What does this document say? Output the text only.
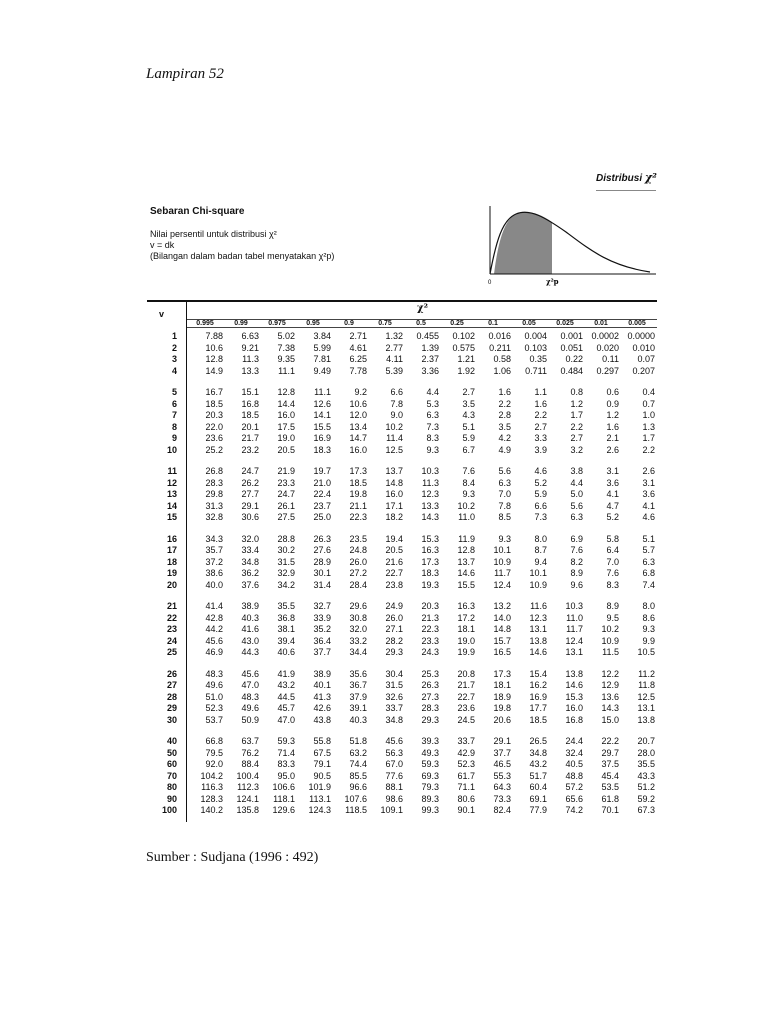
Lampiran 52
Distribusi χ²
Sebaran Chi-square
Nilai persentil untuk distribusi χ²
v = dk
(Bilangan dalam badan tabel menyatakan χ²p)
0	χ²p
v	χ²
0.995	0.99	0.975	0.95	0.9	0.75	0.5	0.25	0.1	0.05	0.025	0.01	0.005
1	7.88	6.63	5.02	3.84	2.71	1.32	0.455	0.102	0.016	0.004	0.001 0.0002 0.0000
2	10.6	9.21	7.38	5.99	4.61	2.77	1.39	0.575	0.211	0.103	0.051	0.020	0.010
3	12.8	11.3	9.35	7.81	6.25	4.11	2.37	1.21	0.58	0.35	0.22	0.11	0.07
4	14.9	13.3	11.1	9.49	7.78	5.39	3.36	1.92	1.06	0.711	0.484	0.297	0.207
5	16.7	15.1	12.8	11.1	9.2	6.6	4.4	2.7	1.6	1.1	0.8	0.6	0.4
6	18.5	16.8	14.4	12.6	10.6	7.8	5.3	3.5	2.2	1.6	1.2	0.9	0.7
7	20.3	18.5	16.0	14.1	12.0	9.0	6.3	4.3	2.8	2.2	1.7	1.2	1.0
8	22.0	20.1	17.5	15.5	13.4	10.2	7.3	5.1	3.5	2.7	2.2	1.6	1.3
9	23.6	21.7	19.0	16.9	14.7	11.4	8.3	5.9	4.2	3.3	2.7	2.1	1.7
10	25.2	23.2	20.5	18.3	16.0	12.5	9.3	6.7	4.9	3.9	3.2	2.6	2.2
11	26.8	24.7	21.9	19.7	17.3	13.7	10.3	7.6	5.6	4.6	3.8	3.1	2.6
12	28.3	26.2	23.3	21.0	18.5	14.8	11.3	8.4	6.3	5.2	4.4	3.6	3.1
13	29.8	27.7	24.7	22.4	19.8	16.0	12.3	9.3	7.0	5.9	5.0	4.1	3.6
14	31.3	29.1	26.1	23.7	21.1	17.1	13.3	10.2	7.8	6.6	5.6	4.7	4.1
15	32.8	30.6	27.5	25.0	22.3	18.2	14.3	11.0	8.5	7.3	6.3	5.2	4.6
16	34.3	32.0	28.8	26.3	23.5	19.4	15.3	11.9	9.3	8.0	6.9	5.8	5.1
17	35.7	33.4	30.2	27.6	24.8	20.5	16.3	12.8	10.1	8.7	7.6	6.4	5.7
18	37.2	34.8	31.5	28.9	26.0	21.6	17.3	13.7	10.9	9.4	8.2	7.0	6.3
19	38.6	36.2	32.9	30.1	27.2	22.7	18.3	14.6	11.7	10.1	8.9	7.6	6.8
20	40.0	37.6	34.2	31.4	28.4	23.8	19.3	15.5	12.4	10.9	9.6	8.3	7.4
21	41.4	38.9	35.5	32.7	29.6	24.9	20.3	16.3	13.2	11.6	10.3	8.9	8.0
22	42.8	40.3	36.8	33.9	30.8	26.0	21.3	17.2	14.0	12.3	11.0	9.5	8.6
23	44.2	41.6	38.1	35.2	32.0	27.1	22.3	18.1	14.8	13.1	11.7	10.2	9.3
24	45.6	43.0	39.4	36.4	33.2	28.2	23.3	19.0	15.7	13.8	12.4	10.9	9.9
25	46.9	44.3	40.6	37.7	34.4	29.3	24.3	19.9	16.5	14.6	13.1	11.5	10.5
26	48.3	45.6	41.9	38.9	35.6	30.4	25.3	20.8	17.3	15.4	13.8	12.2	11.2
27	49.6	47.0	43.2	40.1	36.7	31.5	26.3	21.7	18.1	16.2	14.6	12.9	11.8
28	51.0	48.3	44.5	41.3	37.9	32.6	27.3	22.7	18.9	16.9	15.3	13.6	12.5
29	52.3	49.6	45.7	42.6	39.1	33.7	28.3	23.6	19.8	17.7	16.0	14.3	13.1
30	53.7	50.9	47.0	43.8	40.3	34.8	29.3	24.5	20.6	18.5	16.8	15.0	13.8
40	66.8	63.7	59.3	55.8	51.8	45.6	39.3	33.7	29.1	26.5	24.4	22.2	20.7
50	79.5	76.2	71.4	67.5	63.2	56.3	49.3	42.9	37.7	34.8	32.4	29.7	28.0
60	92.0	88.4	83.3	79.1	74.4	67.0	59.3	52.3	46.5	43.2	40.5	37.5	35.5
70	104.2	100.4	95.0	90.5	85.5	77.6	69.3	61.7	55.3	51.7	48.8	45.4	43.3
80	116.3	112.3	106.6	101.9	96.6	88.1	79.3	71.1	64.3	60.4	57.2	53.5	51.2
90	128.3	124.1	118.1	113.1	107.6	98.6	89.3	80.6	73.3	69.1	65.6	61.8	59.2
100	140.2	135.8	129.6	124.3	118.5	109.1	99.3	90.1	82.4	77.9	74.2	70.1	67.3
Sumber : Sudjana (1996 : 492)
